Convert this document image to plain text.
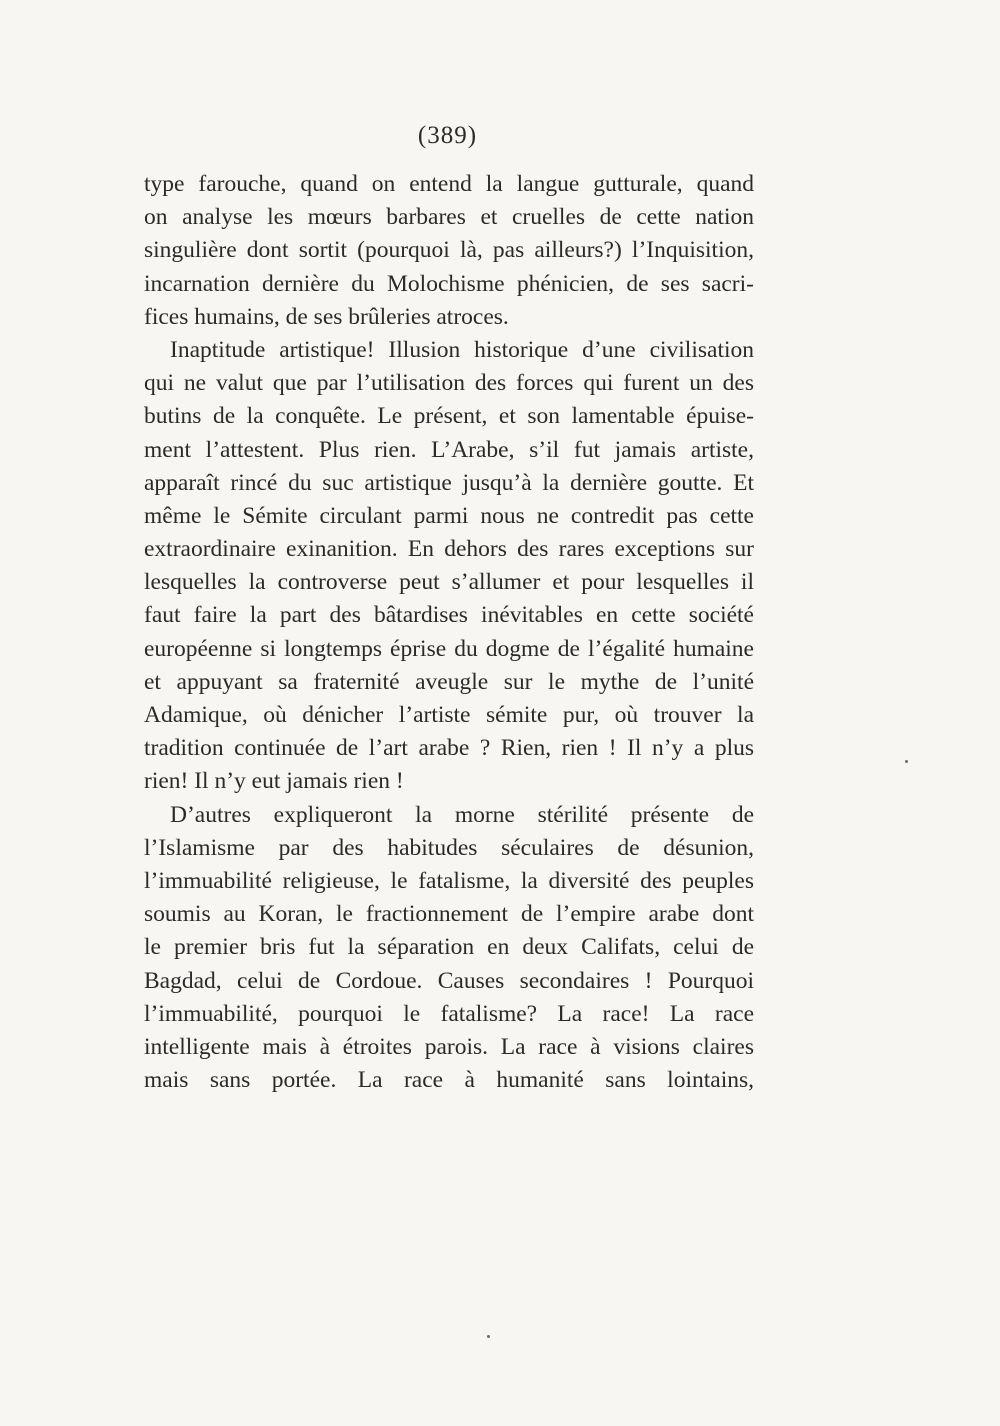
(389)
type farouche, quand on entend la langue gutturale, quand
on analyse les mœurs barbares et cruelles de cette nation
singulière dont sortit (pourquoi là, pas ailleurs?) l’Inquisition,
incarnation dernière du Molochisme phénicien, de ses sacri-
fices humains, de ses brûleries atroces.
Inaptitude artistique! Illusion historique d’une civilisation
qui ne valut que par l’utilisation des forces qui furent un des
butins de la conquête. Le présent, et son lamentable épuise-
ment l’attestent. Plus rien. L’Arabe, s’il fut jamais artiste,
apparaît rincé du suc artistique jusqu’à la dernière goutte. Et
même le Sémite circulant parmi nous ne contredit pas cette
extraordinaire exinanition. En dehors des rares exceptions sur
lesquelles la controverse peut s’allumer et pour lesquelles il
faut faire la part des bâtardises inévitables en cette société
européenne si longtemps éprise du dogme de l’égalité humaine
et appuyant sa fraternité aveugle sur le mythe de l’unité
Adamique, où dénicher l’artiste sémite pur, où trouver la
tradition continuée de l’art arabe ? Rien, rien ! Il n’y a plus
rien! Il n’y eut jamais rien !
D’autres expliqueront la morne stérilité présente de
l’Islamisme par des habitudes séculaires de désunion,
l’immuabilité religieuse, le fatalisme, la diversité des peuples
soumis au Koran, le fractionnement de l’empire arabe dont
le premier bris fut la séparation en deux Califats, celui de
Bagdad, celui de Cordoue. Causes secondaires ! Pourquoi
l’immuabilité, pourquoi le fatalisme? La race! La race
intelligente mais à étroites parois. La race à visions claires
mais sans portée. La race à humanité sans lointains,
